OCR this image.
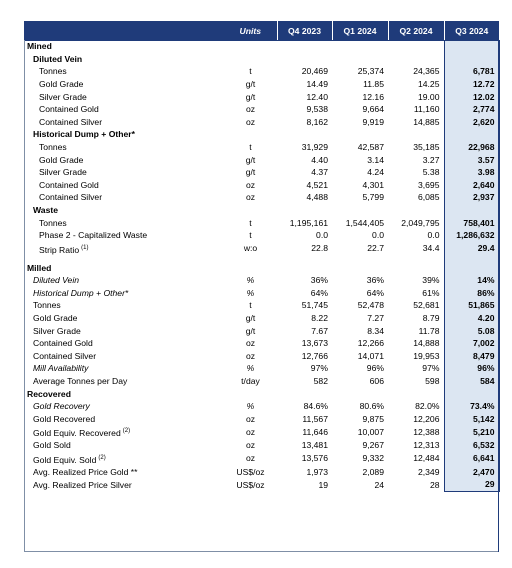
	Units	Q4 2023	Q1 2024	Q2 2024	Q3 2024
Mined					
Diluted Vein					
Tonnes	t	20,469	25,374	24,365	6,781
Gold Grade	g/t	14.49	11.85	14.25	12.72
Silver Grade	g/t	12.40	12.16	19.00	12.02
Contained Gold	oz	9,538	9,664	11,160	2,774
Contained Silver	oz	8,162	9,919	14,885	2,620
Historical Dump + Other*					
Tonnes	t	31,929	42,587	35,185	22,968
Gold Grade	g/t	4.40	3.14	3.27	3.57
Silver Grade	g/t	4.37	4.24	5.38	3.98
Contained Gold	oz	4,521	4,301	3,695	2,640
Contained Silver	oz	4,488	5,799	6,085	2,937
Waste					
Tonnes	t	1,195,161	1,544,405	2,049,795	758,401
Phase 2 - Capitalized Waste	t	0.0	0.0	0.0	1,286,632
Strip Ratio $^{(1)}$	w:o	22.8	22.7	34.4	29.4

Milled					
Diluted Vein	%	36%	36%	39%	14%
Historical Dump + Other*	%	64%	64%	61%	86%
Tonnes	t	51,745	52,478	52,681	51,865
Gold Grade	g/t	8.22	7.27	8.79	4.20
Silver Grade	g/t	7.67	8.34	11.78	5.08
Contained Gold	oz	13,673	12,266	14,888	7,002
Contained Silver	oz	12,766	14,071	19,953	8,479
Mill Availability	%	97%	96%	97%	96%
Average Tonnes per Day	t/day	582	606	598	584
Recovered					
Gold Recovery	%	84.6%	80.6%	82.0%	73.4%
Gold Recovered	oz	11,567	9,875	12,206	5,142
Gold Equiv. Recovered $^{(2)}$	oz	11,646	10,007	12,388	5,210
Gold Sold	oz	13,481	9,267	12,313	6,532
Gold Equiv. Sold $^{(2)}$	oz	13,576	9,332	12,484	6,641
Avg. Realized Price Gold **	US$/oz	1,973	2,089	2,349	2,470
Avg. Realized Price Silver	US$/oz	19	24	28	29
